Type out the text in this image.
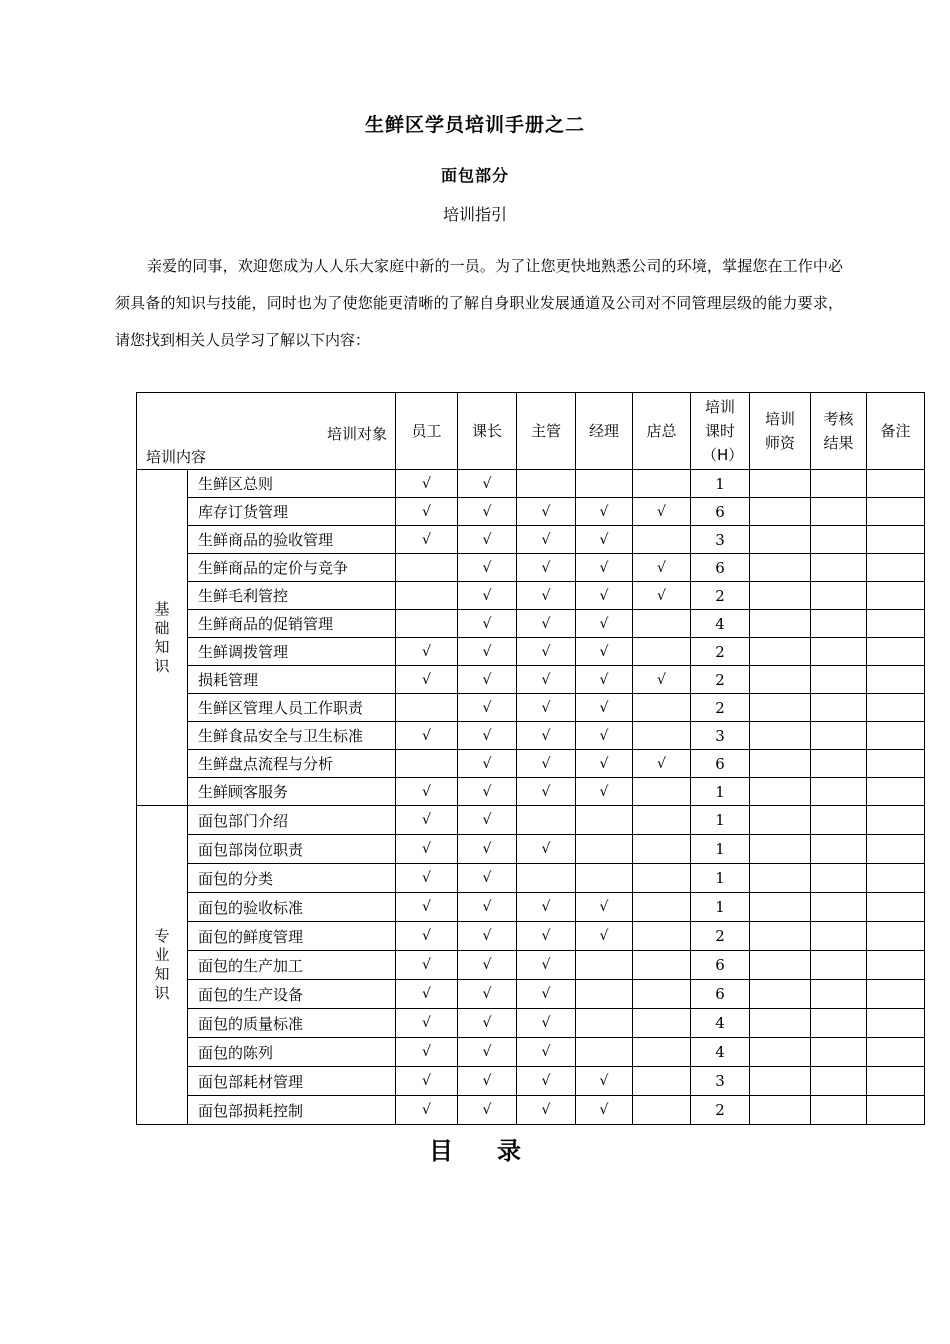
生鲜区学员培训手册之二
面包部分
培训指引
亲爱的同事，欢迎您成为人人乐大家庭中新的一员。为了让您更快地熟悉公司的环境，掌握您在工作中必须具备的知识与技能，同时也为了使您能更清晰的了解自身职业发展通道及公司对不同管理层级的能力要求，请您找到相关人员学习了解以下内容：
培训对象
培训内容		员工	课长	主管	经理	店总	培训课时（H）	培训师资	考核结果	备注
基础知识	生鲜区总则	√	√				1			
	库存订货管理	√	√	√	√	√	6			
	生鲜商品的验收管理	√	√	√	√		3			
	生鲜商品的定价与竞争		√	√	√	√	6			
	生鲜毛利管控		√	√	√	√	2			
	生鲜商品的促销管理		√	√	√		4			
	生鲜调拨管理	√	√	√	√		2			
	损耗管理	√	√	√	√	√	2			
	生鲜区管理人员工作职责		√	√	√		2			
	生鲜食品安全与卫生标准	√	√	√	√		3			
	生鲜盘点流程与分析		√	√	√	√	6			
	生鲜顾客服务	√	√	√	√		1			
专业知识	面包部门介绍	√	√				1			
	面包部岗位职责	√	√	√			1			
	面包的分类	√	√				1			
	面包的验收标准	√	√	√	√		1			
	面包的鲜度管理	√	√	√	√		2			
	面包的生产加工	√	√	√			6			
	面包的生产设备	√	√	√			6			
	面包的质量标准	√	√	√			4			
	面包的陈列	√	√	√			4			
	面包部耗材管理	√	√	√	√		3			
	面包部损耗控制	√	√	√	√		2			
目 录
